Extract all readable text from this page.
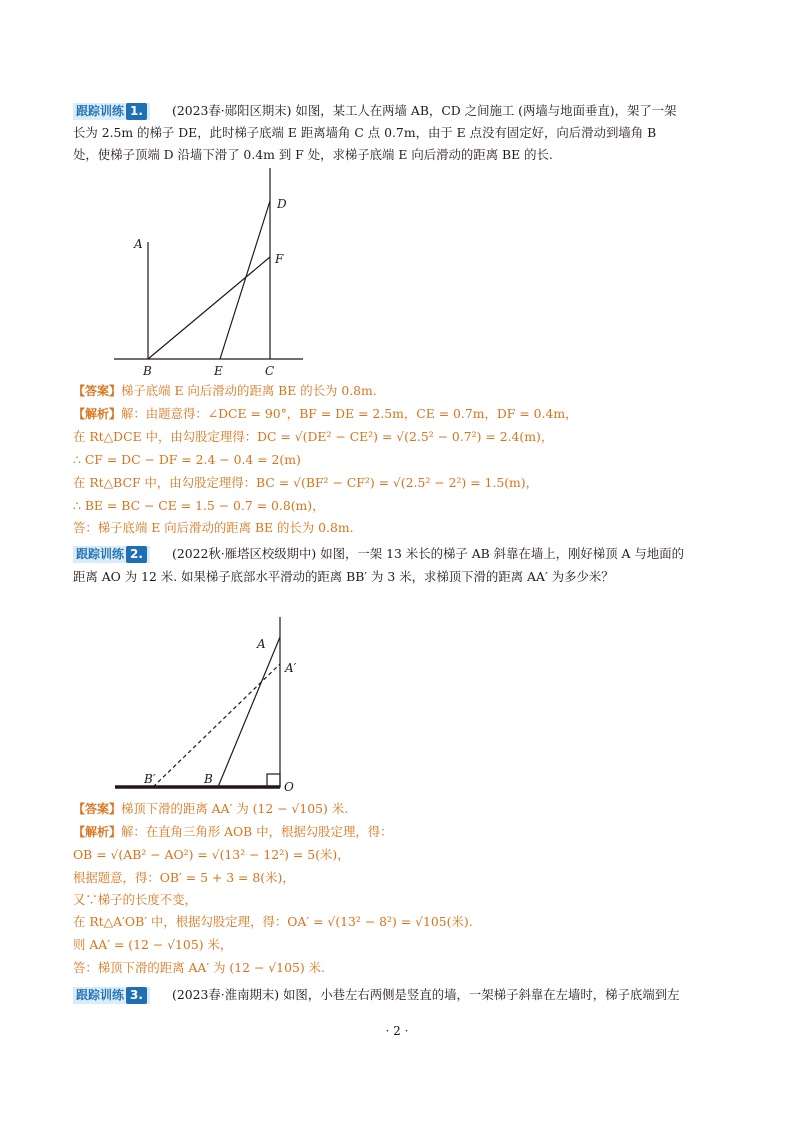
跟踪训练 1.	(2023春·郧阳区期末) 如图，某工人在两墙 AB，CD 之间施工 (两墙与地面垂直)，架了一架
长为 2.5m 的梯子 DE，此时梯子底端 E 距离墙角 C 点 0.7m，由于 E 点没有固定好，向后滑动到墙角 B
处，使梯子顶端 D 沿墙下滑了 0.4m 到 F 处，求梯子底端 E 向后滑动的距离 BE 的长.
A
B	E	C
D
F
【答案】 梯子底端 E 向后滑动的距离 BE 的长为 0.8m.
【解析】 解：由题意得：∠DCE = 90°，BF = DE = 2.5m，CE = 0.7m，DF = 0.4m，
在 Rt△DCE 中，由勾股定理得：DC = √(DE² − CE²) = √(2.5² − 0.7²) = 2.4(m)，
∴ CF = DC − DF = 2.4 − 0.4 = 2(m)
在 Rt△BCF 中，由勾股定理得：BC = √(BF² − CF²) = √(2.5² − 2²) = 1.5(m)，
∴ BE = BC − CE = 1.5 − 0.7 = 0.8(m)，
答：梯子底端 E 向后滑动的距离 BE 的长为 0.8m.
跟踪训练 2.	(2022秋·雁塔区校级期中) 如图，一架 13 米长的梯子 AB 斜靠在墙上，刚好梯顶 A 与地面的
距离 AO 为 12 米. 如果梯子底部水平滑动的距离 BB′ 为 3 米，求梯顶下滑的距离 AA′ 为多少米？
A
A′
B′	B
O
【答案】 梯顶下滑的距离 AA′ 为 (12 − √105) 米.
【解析】 解：在直角三角形 AOB 中，根据勾股定理，得：
OB = √(AB² − AO²) = √(13² − 12²) = 5(米)，
根据题意，得：OB′ = 5 + 3 = 8(米)，
又∵梯子的长度不变，
在 Rt△A′OB′ 中，根据勾股定理，得：OA′ = √(13² − 8²) = √105(米).
则 AA′ = (12 − √105) 米，
答：梯顶下滑的距离 AA′ 为 (12 − √105) 米.
跟踪训练 3.	(2023春·淮南期末) 如图，小巷左右两侧是竖直的墙，一架梯子斜靠在左墙时，梯子底端到左
· 2 ·
